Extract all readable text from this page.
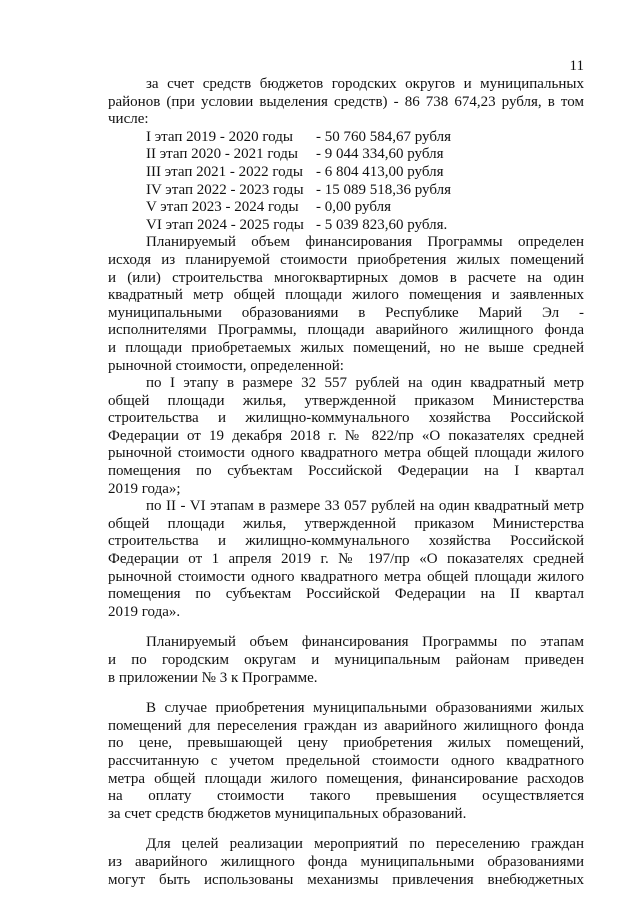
11
за счет средств бюджетов городских округов и муниципальных
районов (при условии выделения средств) - 86 738 674,23 рубля, в том
числе:
I этап 2019 - 2020 годы - 50 760 584,67 рубля
II этап 2020 - 2021 годы - 9 044 334,60 рубля
III этап 2021 - 2022 годы - 6 804 413,00 рубля
IV этап 2022 - 2023 годы - 15 089 518,36 рубля
V этап 2023 - 2024 годы - 0,00 рубля
VI этап 2024 - 2025 годы - 5 039 823,60 рубля.
Планируемый объем финансирования Программы определен
исходя из планируемой стоимости приобретения жилых помещений
и (или) строительства многоквартирных домов в расчете на один
квадратный метр общей площади жилого помещения и заявленных
муниципальными образованиями в Республике Марий Эл -
исполнителями Программы, площади аварийного жилищного фонда
и площади приобретаемых жилых помещений, но не выше средней
рыночной стоимости, определенной:
по I этапу в размере 32 557 рублей на один квадратный метр
общей площади жилья, утвержденной приказом Министерства
строительства и жилищно-коммунального хозяйства Российской
Федерации от 19 декабря 2018 г. № 822/пр «О показателях средней
рыночной стоимости одного квадратного метра общей площади жилого
помещения по субъектам Российской Федерации на I квартал
2019 года»;
по II - VI этапам в размере 33 057 рублей на один квадратный метр
общей площади жилья, утвержденной приказом Министерства
строительства и жилищно-коммунального хозяйства Российской
Федерации от 1 апреля 2019 г. № 197/пр «О показателях средней
рыночной стоимости одного квадратного метра общей площади жилого
помещения по субъектам Российской Федерации на II квартал
2019 года».
Планируемый объем финансирования Программы по этапам
и по городским округам и муниципальным районам приведен
в приложении № 3 к Программе.
В случае приобретения муниципальными образованиями жилых
помещений для переселения граждан из аварийного жилищного фонда
по цене, превышающей цену приобретения жилых помещений,
рассчитанную с учетом предельной стоимости одного квадратного
метра общей площади жилого помещения, финансирование расходов
на оплату стоимости такого превышения осуществляется
за счет средств бюджетов муниципальных образований.
Для целей реализации мероприятий по переселению граждан
из аварийного жилищного фонда муниципальными образованиями
могут быть использованы механизмы привлечения внебюджетных
